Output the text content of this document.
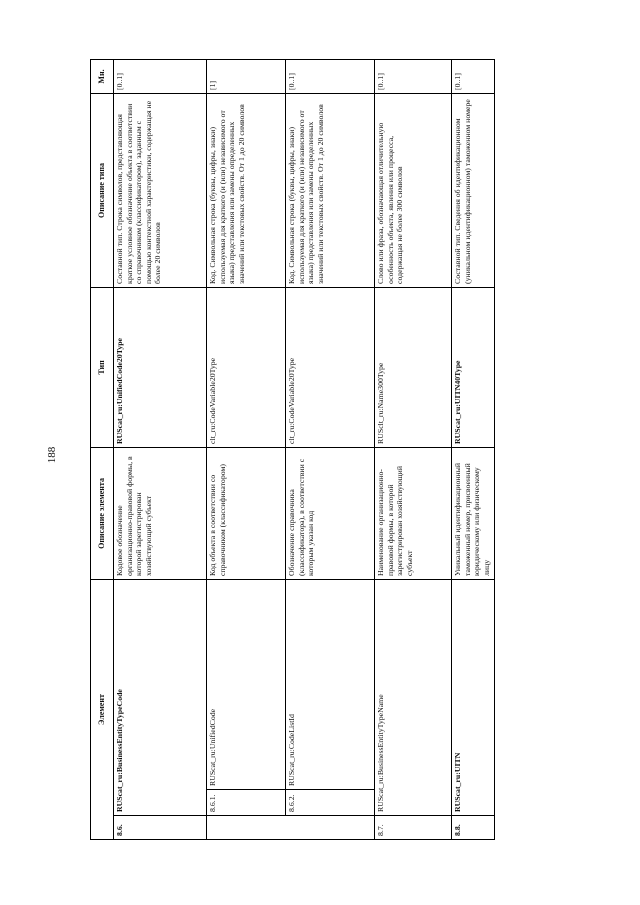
188
Элемент			Описание элемента	Тип	Описание типа	Мн.
8.6.	RUScat_ru:BusinessEntityTypeCode		Кодовое обозначение организационно-правовой формы, в которой зарегистрирован хозяйствующий субъект	RUScat_ru:UnifiedCode20Type	Составной тип. Строка символов, представляющая краткое условное обозначение объекта в соответствии со справочником (классификатором), заданным с помощью контекстной характеристики, содержащая не более 20 символов	[0..1]
	8.6.1.	RUScat_ru:UnifiedCode	Код объекта в соответствии со справочником (классификатором)	clt_ru:CodeVariable20Type	Код. Символьная строка (буквы, цифры, знаки) используемая для краткого (и (или) независимого от языка) представления или замены определенных значений или текстовых свойств. От 1 до 20 символов	[1]
	8.6.2.	RUScat_ru:CodeListId	Обозначение справочника (классификатора), в соответствии с которым указан код	clt_ru:CodeVariable20Type	Код. Символьная строка (буквы, цифры, знаки) используемая для краткого (и (или) независимого от языка) представления или замены определенных значений или текстовых свойств. От 1 до 20 символов	[0..1]
8.7.	RUScat_ru:BusinessEntityTypeName		Наименование организационно-правовой формы, в которой зарегистрирован хозяйствующий субъект	RUSclt_ru:Name300Type	Слово или фраза, обозначающая отличительную особенность объекта, явления или процесса, содержащая не более 300 символов	[0..1]
8.8.	RUScat_ru:UITN		Уникальный идентификационный таможенный номер, присвоенный юридическому или физическому лицу	RUScat_ru:UITN40Type	Составной тип. Сведения об идентификационном (уникальном идентификационном) таможенном номере	[0..1]
